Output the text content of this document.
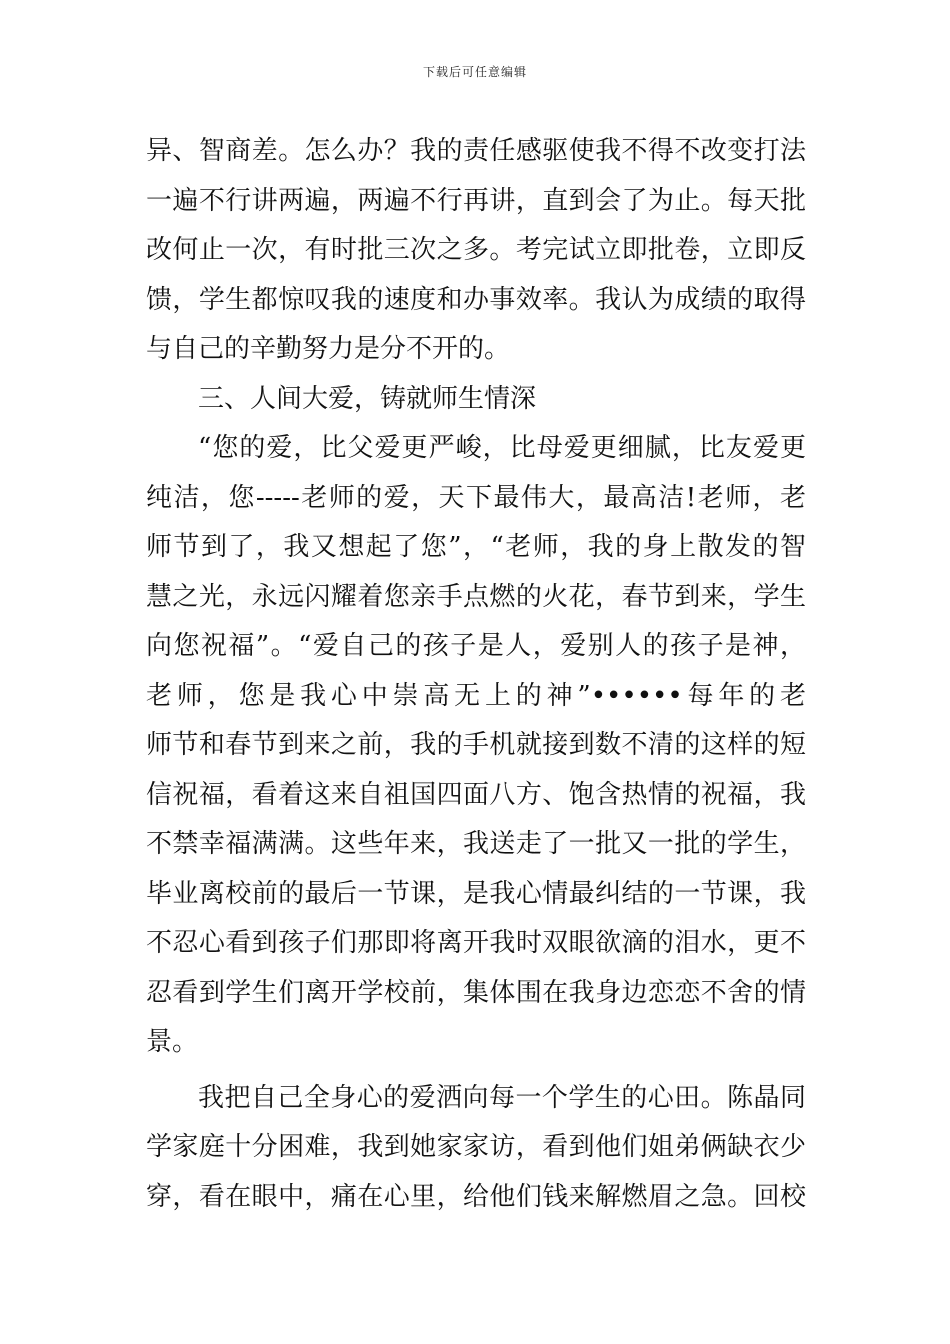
下载后可任意编辑
异、智商差。怎么办？我的责任感驱使我不得不改变打法
一遍不行讲两遍，两遍不行再讲，直到会了为止。每天批
改何止一次，有时批三次之多。考完试立即批卷，立即反
馈，学生都惊叹我的速度和办事效率。我认为成绩的取得
与自己的辛勤努力是分不开的。
三、人间大爱，铸就师生情深
“您的爱，比父爱更严峻，比母爱更细腻，比友爱更
纯洁，您-----老师的爱，天下最伟大，最高洁!老师，老
师节到了，我又想起了您”，“老师，我的身上散发的智
慧之光，永远闪耀着您亲手点燃的火花，春节到来，学生
向您祝福”。“爱自己的孩子是人，爱别人的孩子是神，
老师，您是我心中崇高无上的神”••••••每年的老
师节和春节到来之前，我的手机就接到数不清的这样的短
信祝福，看着这来自祖国四面八方、饱含热情的祝福，我
不禁幸福满满。这些年来，我送走了一批又一批的学生，
毕业离校前的最后一节课，是我心情最纠结的一节课，我
不忍心看到孩子们那即将离开我时双眼欲滴的泪水，更不
忍看到学生们离开学校前，集体围在我身边恋恋不舍的情
景。
我把自己全身心的爱洒向每一个学生的心田。陈晶同
学家庭十分困难，我到她家家访，看到他们姐弟俩缺衣少
穿，看在眼中，痛在心里，给他们钱来解燃眉之急。回校
